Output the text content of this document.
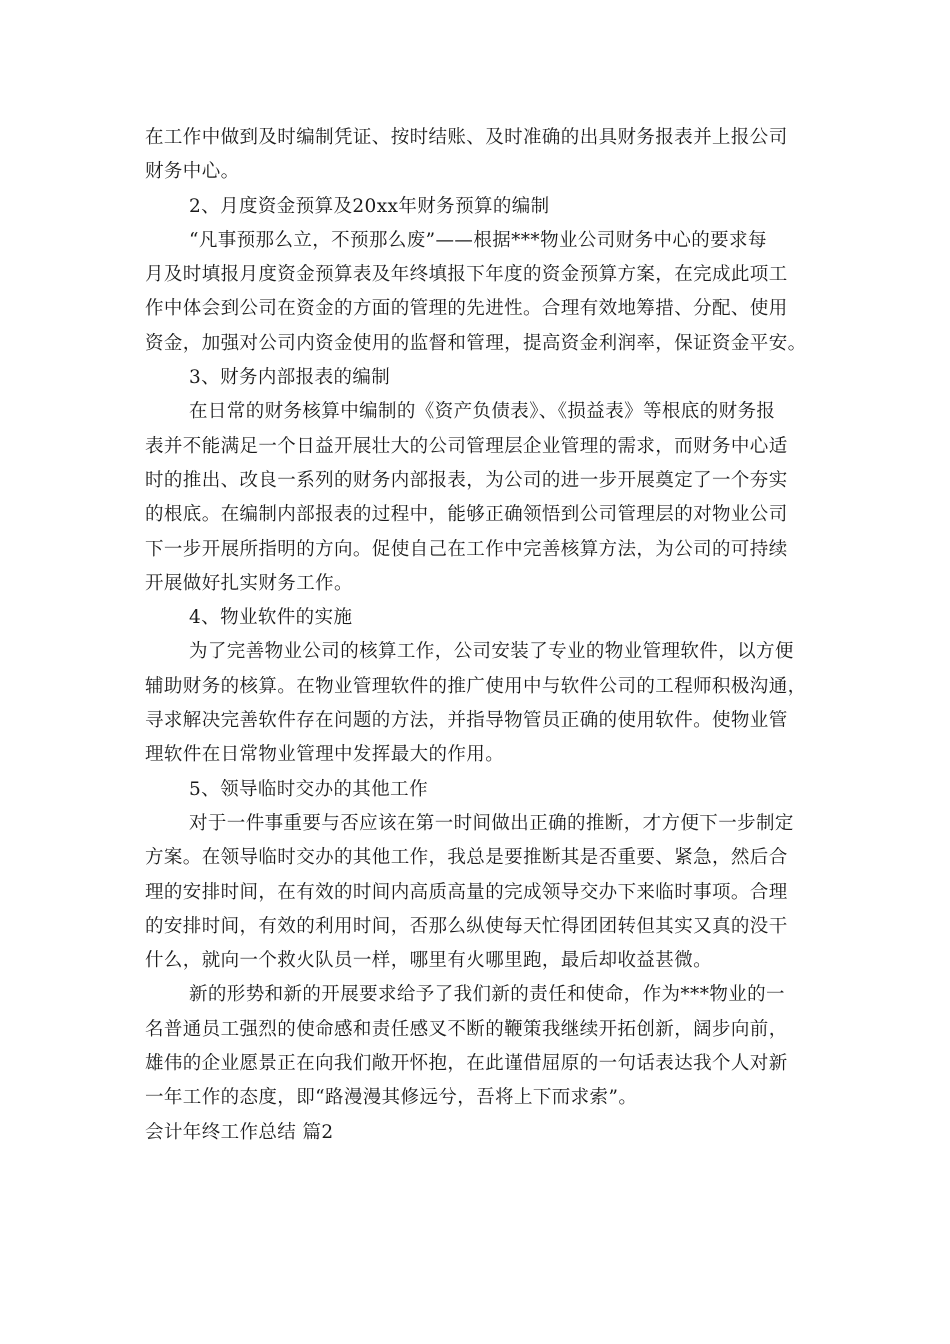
在工作中做到及时编制凭证、按时结账、及时准确的出具财务报表并上报公司
财务中心。
2、月度资金预算及20xx年财务预算的编制
“凡事预那么立，不预那么废”——根据***物业公司财务中心的要求每
月及时填报月度资金预算表及年终填报下年度的资金预算方案，在完成此项工
作中体会到公司在资金的方面的管理的先进性。合理有效地筹措、分配、使用
资金，加强对公司内资金使用的监督和管理，提高资金利润率，保证资金平安。
3、财务内部报表的编制
在日常的财务核算中编制的《资产负债表》、《损益表》等根底的财务报
表并不能满足一个日益开展壮大的公司管理层企业管理的需求，而财务中心适
时的推出、改良一系列的财务内部报表，为公司的进一步开展奠定了一个夯实
的根底。在编制内部报表的过程中，能够正确领悟到公司管理层的对物业公司
下一步开展所指明的方向。促使自己在工作中完善核算方法，为公司的可持续
开展做好扎实财务工作。
4、物业软件的实施
为了完善物业公司的核算工作，公司安装了专业的物业管理软件，以方便
辅助财务的核算。在物业管理软件的推广使用中与软件公司的工程师积极沟通，
寻求解决完善软件存在问题的方法，并指导物管员正确的使用软件。使物业管
理软件在日常物业管理中发挥最大的作用。
5、领导临时交办的其他工作
对于一件事重要与否应该在第一时间做出正确的推断，才方便下一步制定
方案。在领导临时交办的其他工作，我总是要推断其是否重要、紧急，然后合
理的安排时间，在有效的时间内高质高量的完成领导交办下来临时事项。合理
的安排时间，有效的利用时间，否那么纵使每天忙得团团转但其实又真的没干
什么，就向一个救火队员一样，哪里有火哪里跑，最后却收益甚微。
新的形势和新的开展要求给予了我们新的责任和使命，作为***物业的一
名普通员工强烈的使命感和责任感叉不断的鞭策我继续开拓创新，阔步向前，
雄伟的企业愿景正在向我们敞开怀抱，在此谨借屈原的一句话表达我个人对新
一年工作的态度，即“路漫漫其修远兮，吾将上下而求索”。
会计年终工作总结 篇2
